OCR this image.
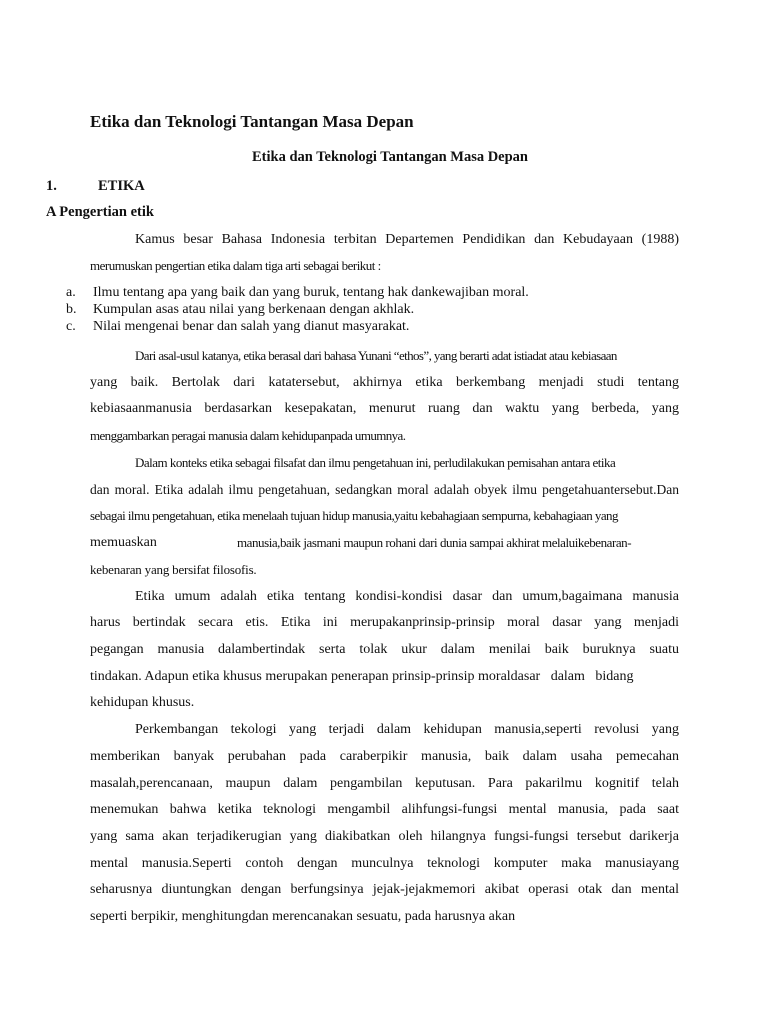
Etika dan Teknologi Tantangan Masa Depan
Etika dan Teknologi Tantangan Masa Depan
1.	ETIKA
A Pengertian etik
Kamus besar Bahasa Indonesia terbitan Departemen Pendidikan dan Kebudayaan (1988)
merumuskan pengertian etika dalam tiga arti sebagai berikut :
a. Ilmu tentang apa yang baik dan yang buruk, tentang hak dankewajiban moral.
b. Kumpulan asas atau nilai yang berkenaan dengan akhlak.
c. Nilai mengenai benar dan salah yang dianut masyarakat.
Dari asal-usul katanya, etika berasal dari bahasa Yunani “ethos”, yang berarti adat istiadat atau kebiasaan
yang baik. Bertolak dari katatersebut, akhirnya etika berkembang menjadi studi tentang
kebiasaanmanusia berdasarkan kesepakatan, menurut ruang dan waktu yang berbeda, yang
menggambarkan peragai manusia dalam kehidupanpada umumnya.
Dalam konteks etika sebagai filsafat dan ilmu pengetahuan ini, perludilakukan pemisahan antara etika
dan moral. Etika adalah ilmu pengetahuan, sedangkan moral adalah obyek ilmu pengetahuantersebut.Dan
sebagai ilmu pengetahuan, etika menelaah tujuan hidup manusia,yaitu kebahagiaan sempurna, kebahagiaan yang
memuaskan	manusia,baik jasmani maupun rohani dari dunia sampai akhirat melaluikebenaran-
kebenaran yang bersifat filosofis.
Etika umum adalah etika tentang kondisi-kondisi dasar dan umum,bagaimana manusia
harus bertindak secara etis. Etika ini merupakanprinsip-prinsip moral dasar yang menjadi
pegangan manusia dalambertindak serta tolak ukur dalam menilai baik buruknya suatu
tindakan. Adapun etika khusus merupakan penerapan prinsip-prinsip moraldasar   dalam   bidang
kehidupan khusus.
Perkembangan tekologi yang terjadi dalam kehidupan manusia,seperti revolusi yang
memberikan banyak perubahan pada caraberpikir manusia, baik dalam usaha pemecahan
masalah,perencanaan, maupun dalam pengambilan keputusan. Para pakarilmu kognitif telah
menemukan bahwa ketika teknologi mengambil alihfungsi-fungsi mental manusia, pada saat
yang sama akan terjadikerugian yang diakibatkan oleh hilangnya fungsi-fungsi tersebut darikerja
mental manusia.Seperti contoh dengan munculnya teknologi komputer maka manusiayang
seharusnya diuntungkan dengan berfungsinya jejak-jejakmemori akibat operasi otak dan mental
seperti berpikir, menghitungdan merencanakan sesuatu, pada harusnya akan
